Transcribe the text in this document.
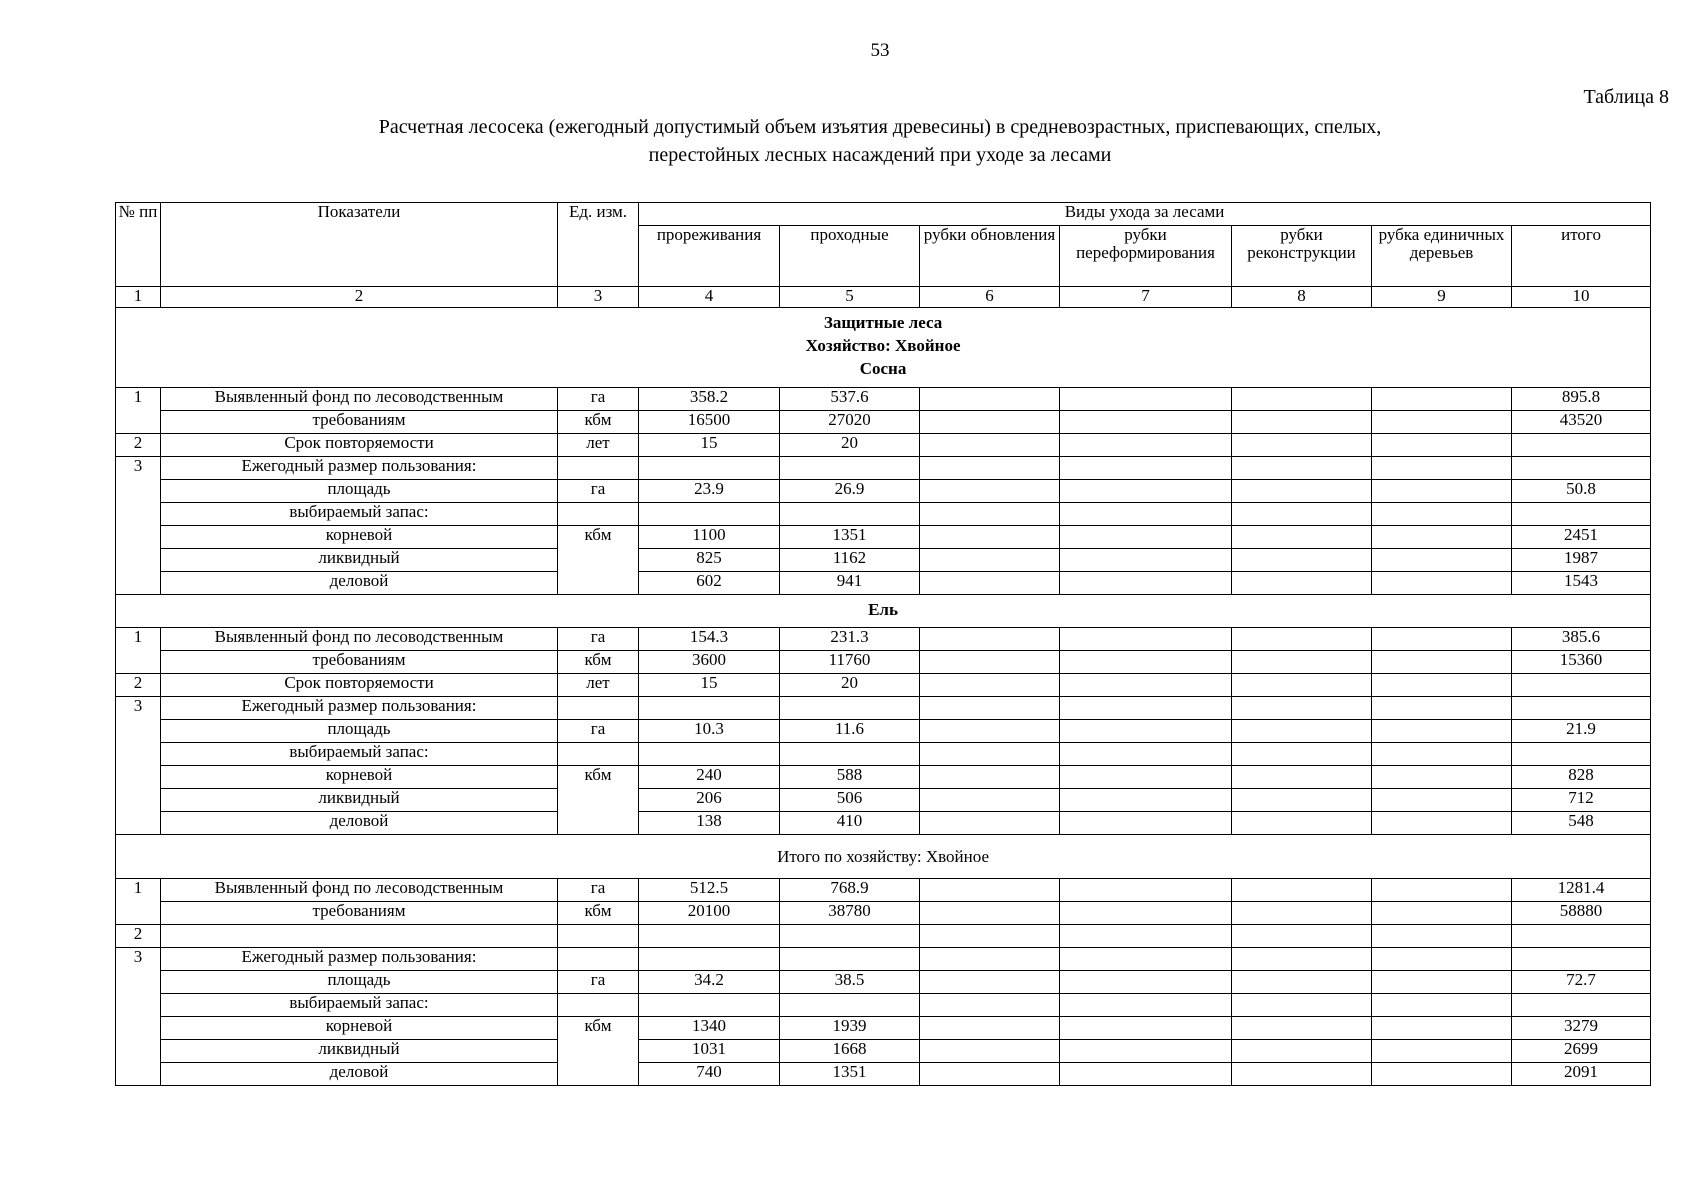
53
Таблица 8
Расчетная лесосека (ежегодный допустимый объем изъятия древесины) в средневозрастных, приспевающих, спелых,
перестойных лесных насаждений при уходе за лесами
№ пп	Показатели	Ед. изм.	Виды ухода за лесами						

			прореживания	проходные	рубки обновления	рубки переформирования	рубки реконструкции	рубка единичных деревьев	итого

1	2	3	4	5	6	7	8	9	10

Защитные леса
Хозяйство: Хвойное
Сосна									

1	Выявленный фонд по лесоводственным	га	358.2	537.6					895.8
	требованиям	кбм	16500	27020					43520
2	Срок повторяемости	лет	15	20					
3	Ежегодный размер пользования:								
	площадь	га	23.9	26.9					50.8
	выбираемый запас:								
	корневой	кбм	1100	1351					2451
	ликвидный		825	1162					1987
	деловой		602	941					1543

Ель									

1	Выявленный фонд по лесоводственным	га	154.3	231.3					385.6
	требованиям	кбм	3600	11760					15360
2	Срок повторяемости	лет	15	20					
3	Ежегодный размер пользования:								
	площадь	га	10.3	11.6					21.9
	выбираемый запас:								
	корневой	кбм	240	588					828
	ликвидный		206	506					712
	деловой		138	410					548

Итого по хозяйству: Хвойное									

1	Выявленный фонд по лесоводственным	га	512.5	768.9					1281.4
	требованиям	кбм	20100	38780					58880
2									
3	Ежегодный размер пользования:								
	площадь	га	34.2	38.5					72.7
	выбираемый запас:								
	корневой	кбм	1340	1939					3279
	ликвидный		1031	1668					2699
	деловой		740	1351					2091
